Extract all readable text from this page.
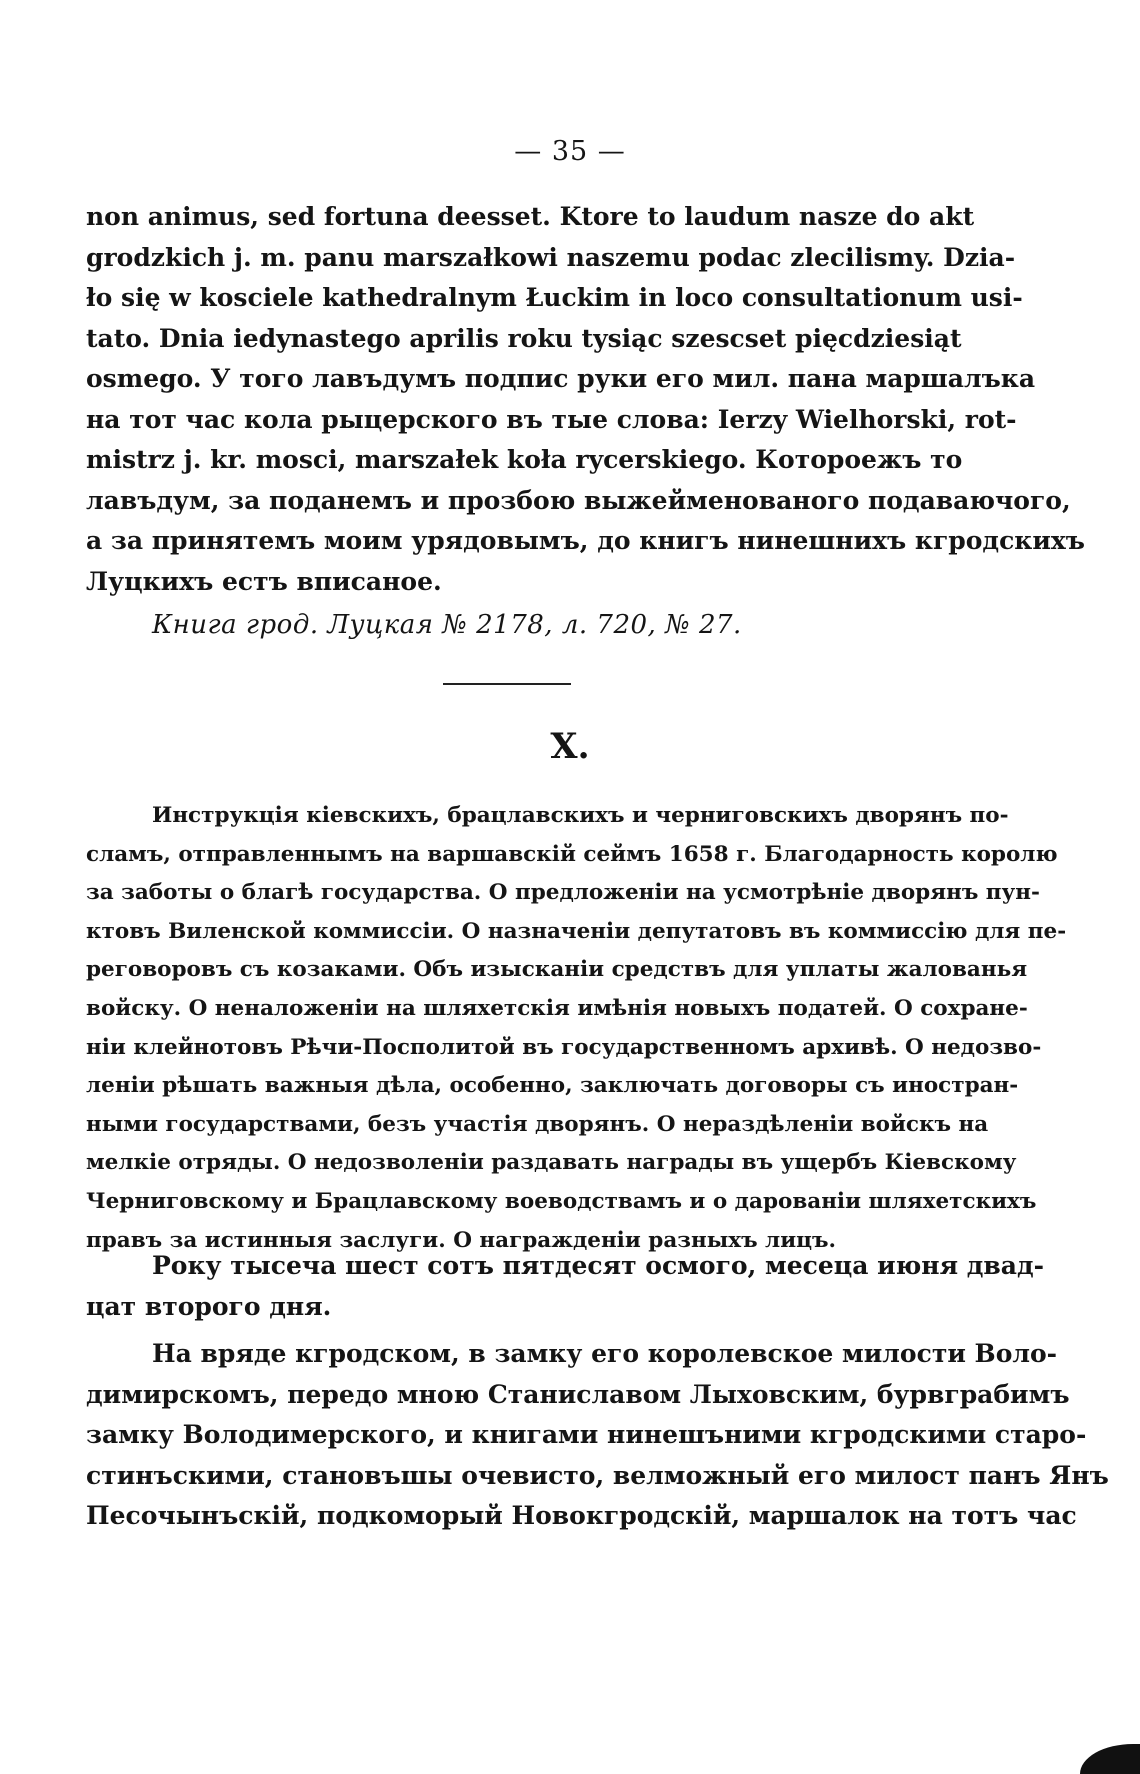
— 35 —
non animus, sed fortuna deesset. Ktore to laudum nasze do akt
grodzkich j. m. panu marszałkowi naszemu podac zlecilismy. Dzia-
ło się w kosciele kathedralnym Łuckim in loco consultationum usi-
tato. Dnia iedynastego aprilis roku tysiąc szescset pięcdziesiąt
osmego. У того лавъдумъ подпис руки его мил. пана маршалъка
на тот час кола рыцерского въ тые слова: Ierzy Wielhorski, rot-
mistrz j. kr. mosci, marszałek koła rycerskiego. Котороежъ то
лавъдум, за поданемъ и прозбою выжейменованого подаваючого,
а за принятемъ моим урядовымъ, до книгъ нинешнихъ кгродскихъ
Луцкихъ естъ вписаное.
Книга грод. Луцкая № 2178, л. 720, № 27.
X.
Инструкція кіевскихъ, брацлавскихъ и черниговскихъ дворянъ по-
сламъ, отправленнымъ на варшавскій сеймъ 1658 г. Благодарность королю
за заботы о благѣ государства. О предложеніи на усмотрѣніе дворянъ пун-
ктовъ Виленской коммиссіи. О назначеніи депутатовъ въ коммиссію для пе-
реговоровъ съ козаками. Объ изысканіи средствъ для уплаты жалованья
войску. О неналоженіи на шляхетскія имѣнія новыхъ податей. О сохране-
ніи клейнотовъ Рѣчи-Посполитой въ государственномъ архивѣ. О недозво-
леніи рѣшать важныя дѣла, особенно, заключать договоры съ иностран-
ными государствами, безъ участія дворянъ. О нераздѣленіи войскъ на
мелкіе отряды. О недозволеніи раздавать награды въ ущербъ Кіевскому
Черниговскому и Брацлавскому воеводствамъ и о дарованіи шляхетскихъ
правъ за истинныя заслуги. О награжденіи разныхъ лицъ.
Року тысеча шест сотъ пятдесят осмого, месеца июня двад-
цат второго дня.
На вряде кгродском, в замку его королевское милости Воло-
димирскомъ, передо мною Станиславом Лыховским, бурвграбимъ
замку Володимерского, и книгами нинешъними кгродскими старо-
стинъскими, становъшы очевисто, велможный его милост панъ Янъ
Песочынъскій, подкоморый Новокгродскій, маршалок на тотъ час
